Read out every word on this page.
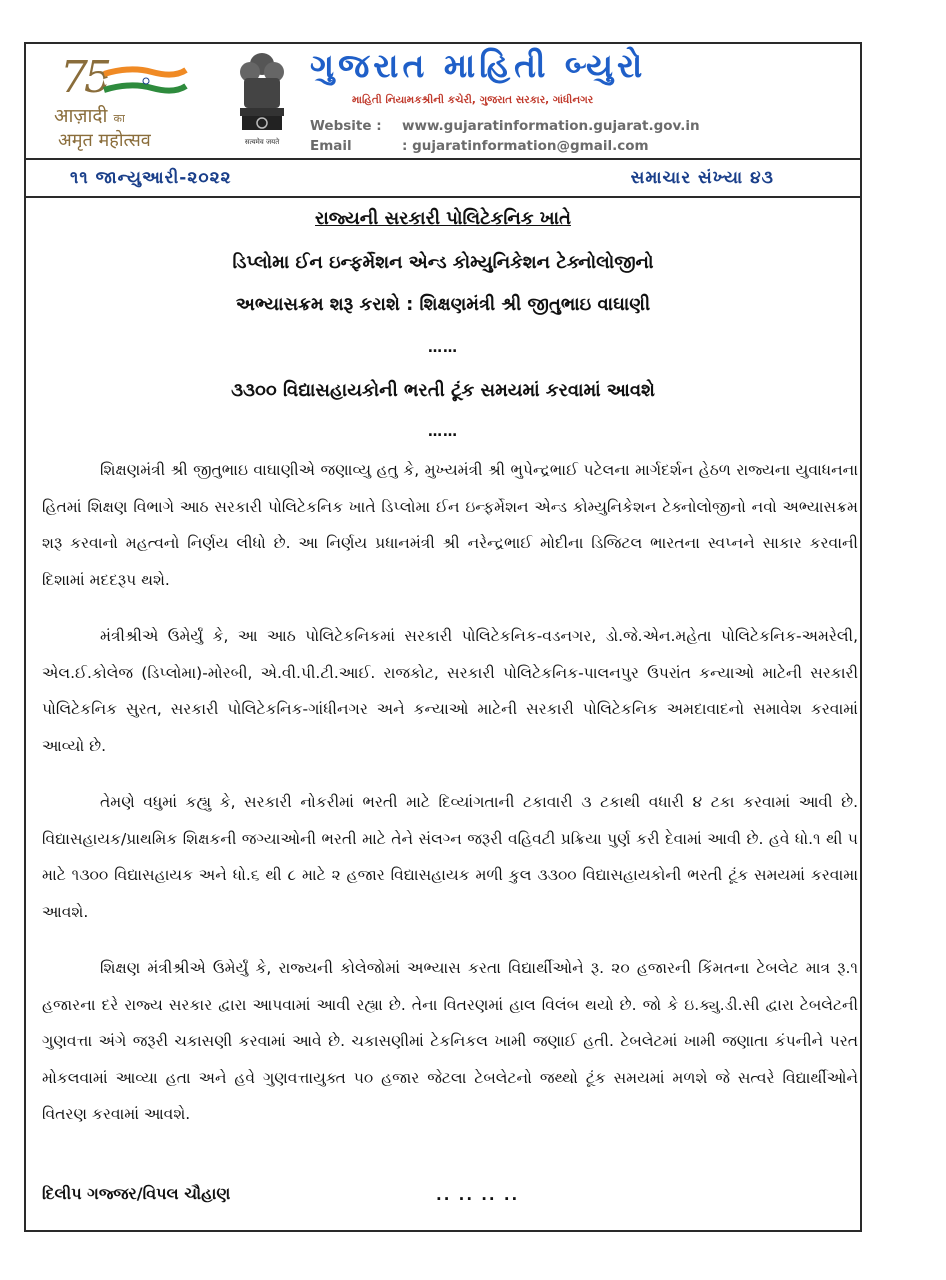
75
आज़ादी का
अमृत महोत्सव	सत्यमेव जयते
ગુજરાત માહિતી બ્યુરો
માહિતી નિયામકશ્રીની કચેરી, ગુજરાત સરકાર, ગાંધીનગર
Website : www.gujaratinformation.gujarat.gov.in
Email	: gujaratinformation@gmail.com
૧૧ જાન્યુઆરી-૨૦૨૨	સમાચાર સંખ્યા ૪૩
રાજ્યની સરકારી પોલિટેકનિક ખાતે
ડિપ્લોમા ઈન ઇન્ફર્મેશન એન્ડ કોમ્યુનિકેશન ટેક્નોલોજીનો
અભ્યાસક્રમ શરૂ કરાશે : શિક્ષણમંત્રી શ્રી જીતુભાઇ વાઘાણી
……
૩૩૦૦ વિદ્યાસહાયકોની ભરતી ટૂંક સમયમાં કરવામાં આવશે
……

શિક્ષણમંત્રી શ્રી જીતુભાઇ વાઘાણીએ જણાવ્યુ હતુ કે, મુખ્યમંત્રી શ્રી ભુપેન્દ્રભાઈ પટેલના માર્ગદર્શન હેઠળ રાજ્યના યુવાધનના હિતમાં શિક્ષણ વિભાગે આઠ સરકારી પોલિટેકનિક ખાતે ડિપ્લોમા ઈન ઇન્ફર્મેશન એન્ડ કોમ્યુનિકેશન ટેક્નોલોજીનો નવો અભ્યાસક્રમ શરૂ કરવાનો મહત્વનો નિર્ણય લીધો છે. આ નિર્ણય પ્રધાનમંત્રી શ્રી નરેન્દ્રભાઈ મોદીના ડિજિટલ ભારતના સ્વપ્નને સાકાર કરવાની દિશામાં મદદરૂપ થશે.

મંત્રીશ્રીએ ઉમેર્યું કે, આ આઠ પોલિટેકનિકમાં સરકારી પોલિટેકનિક-વડનગર, ડો.જે.એન.મહેતા પોલિટેકનિક-અમરેલી, એલ.ઈ.કોલેજ (ડિપ્લોમા)-મોરબી, એ.વી.પી.ટી.આઈ. રાજકોટ, સરકારી પોલિટેકનિક-પાલનપુર ઉપરાંત કન્યાઓ માટેની સરકારી પોલિટેકનિક સુરત, સરકારી પોલિટેકનિક-ગાંધીનગર અને કન્યાઓ માટેની સરકારી પોલિટેકનિક અમદાવાદનો સમાવેશ કરવામાં આવ્યો છે.

તેમણે વધુમાં કહ્યુ કે, સરકારી નોકરીમાં ભરતી માટે દિવ્યાંગતાની ટકાવારી ૩ ટકાથી વધારી ૪ ટકા કરવામાં આવી છે. વિદ્યાસહાયક/પ્રાથમિક શિક્ષકની જગ્યાઓની ભરતી માટે તેને સંલગ્ન જરૂરી વહિવટી પ્રક્રિયા પુર્ણ કરી દેવામાં આવી છે. હવે ધો.૧ થી ૫ માટે ૧૩૦૦ વિદ્યાસહાયક અને ધો.૬ થી ૮ માટે ૨ હજાર વિદ્યાસહાયક મળી કુલ ૩૩૦૦ વિદ્યાસહાયકોની ભરતી ટૂંક સમયમાં કરવામા આવશે.

શિક્ષણ મંત્રીશ્રીએ ઉમેર્યું કે, રાજ્યની કોલેજોમાં અભ્યાસ કરતા વિદ્યાર્થીઓને રૂ. ૨૦ હજારની કિંમતના ટેબલેટ માત્ર રૂ.૧ હજારના દરે રાજ્ય સરકાર દ્વારા આપવામાં આવી રહ્યા છે. તેના વિતરણમાં હાલ વિલંબ થયો છે. જો કે ઇ.ક્યુ.ડી.સી દ્વારા ટેબલેટની ગુણવત્તા અંગે જરૂરી ચકાસણી કરવામાં આવે છે. ચકાસણીમાં ટેકનિકલ ખામી જણાઈ હતી. ટેબલેટમાં ખામી જણાતા કંપનીને પરત મોકલવામાં આવ્યા હતા અને હવે ગુણવત્તાયુક્ત ૫૦ હજાર જેટલા ટેબલેટનો જથ્થો ટૂંક સમયમાં મળશે જે સત્વરે વિદ્યાર્થીઓને વિતરણ કરવામાં આવશે.

દિલીપ ગજ્જર/વિપલ ચૌહાણ	.. .. .. ..
